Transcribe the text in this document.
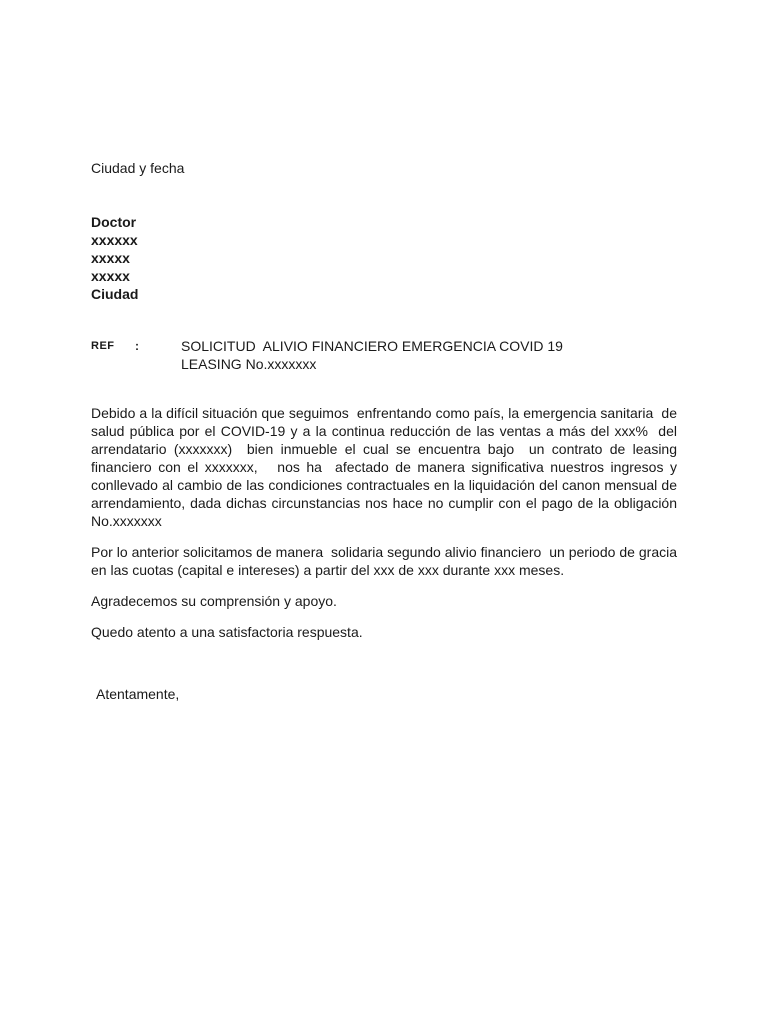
Ciudad y fecha
Doctor
xxxxxx
xxxxx
xxxxx
Ciudad
REF :	SOLICITUD  ALIVIO FINANCIERO EMERGENCIA COVID 19
LEASING No.xxxxxxx

Debido a la difícil situación que seguimos  enfrentando como país, la emergencia sanitaria  de salud pública por el COVID-19 y a la continua reducción de las ventas a más del xxx%  del arrendatario (xxxxxxx)  bien inmueble el cual se encuentra bajo  un contrato de leasing financiero con el xxxxxxx,   nos ha  afectado de manera significativa nuestros ingresos y conllevado al cambio de las condiciones contractuales en la liquidación del canon mensual de arrendamiento, dada dichas circunstancias nos hace no cumplir con el pago de la obligación No.xxxxxxx

Por lo anterior solicitamos de manera  solidaria segundo alivio financiero  un periodo de gracia en las cuotas (capital e intereses) a partir del xxx de xxx durante xxx meses.

Agradecemos su comprensión y apoyo.

Quedo atento a una satisfactoria respuesta.

Atentamente,
